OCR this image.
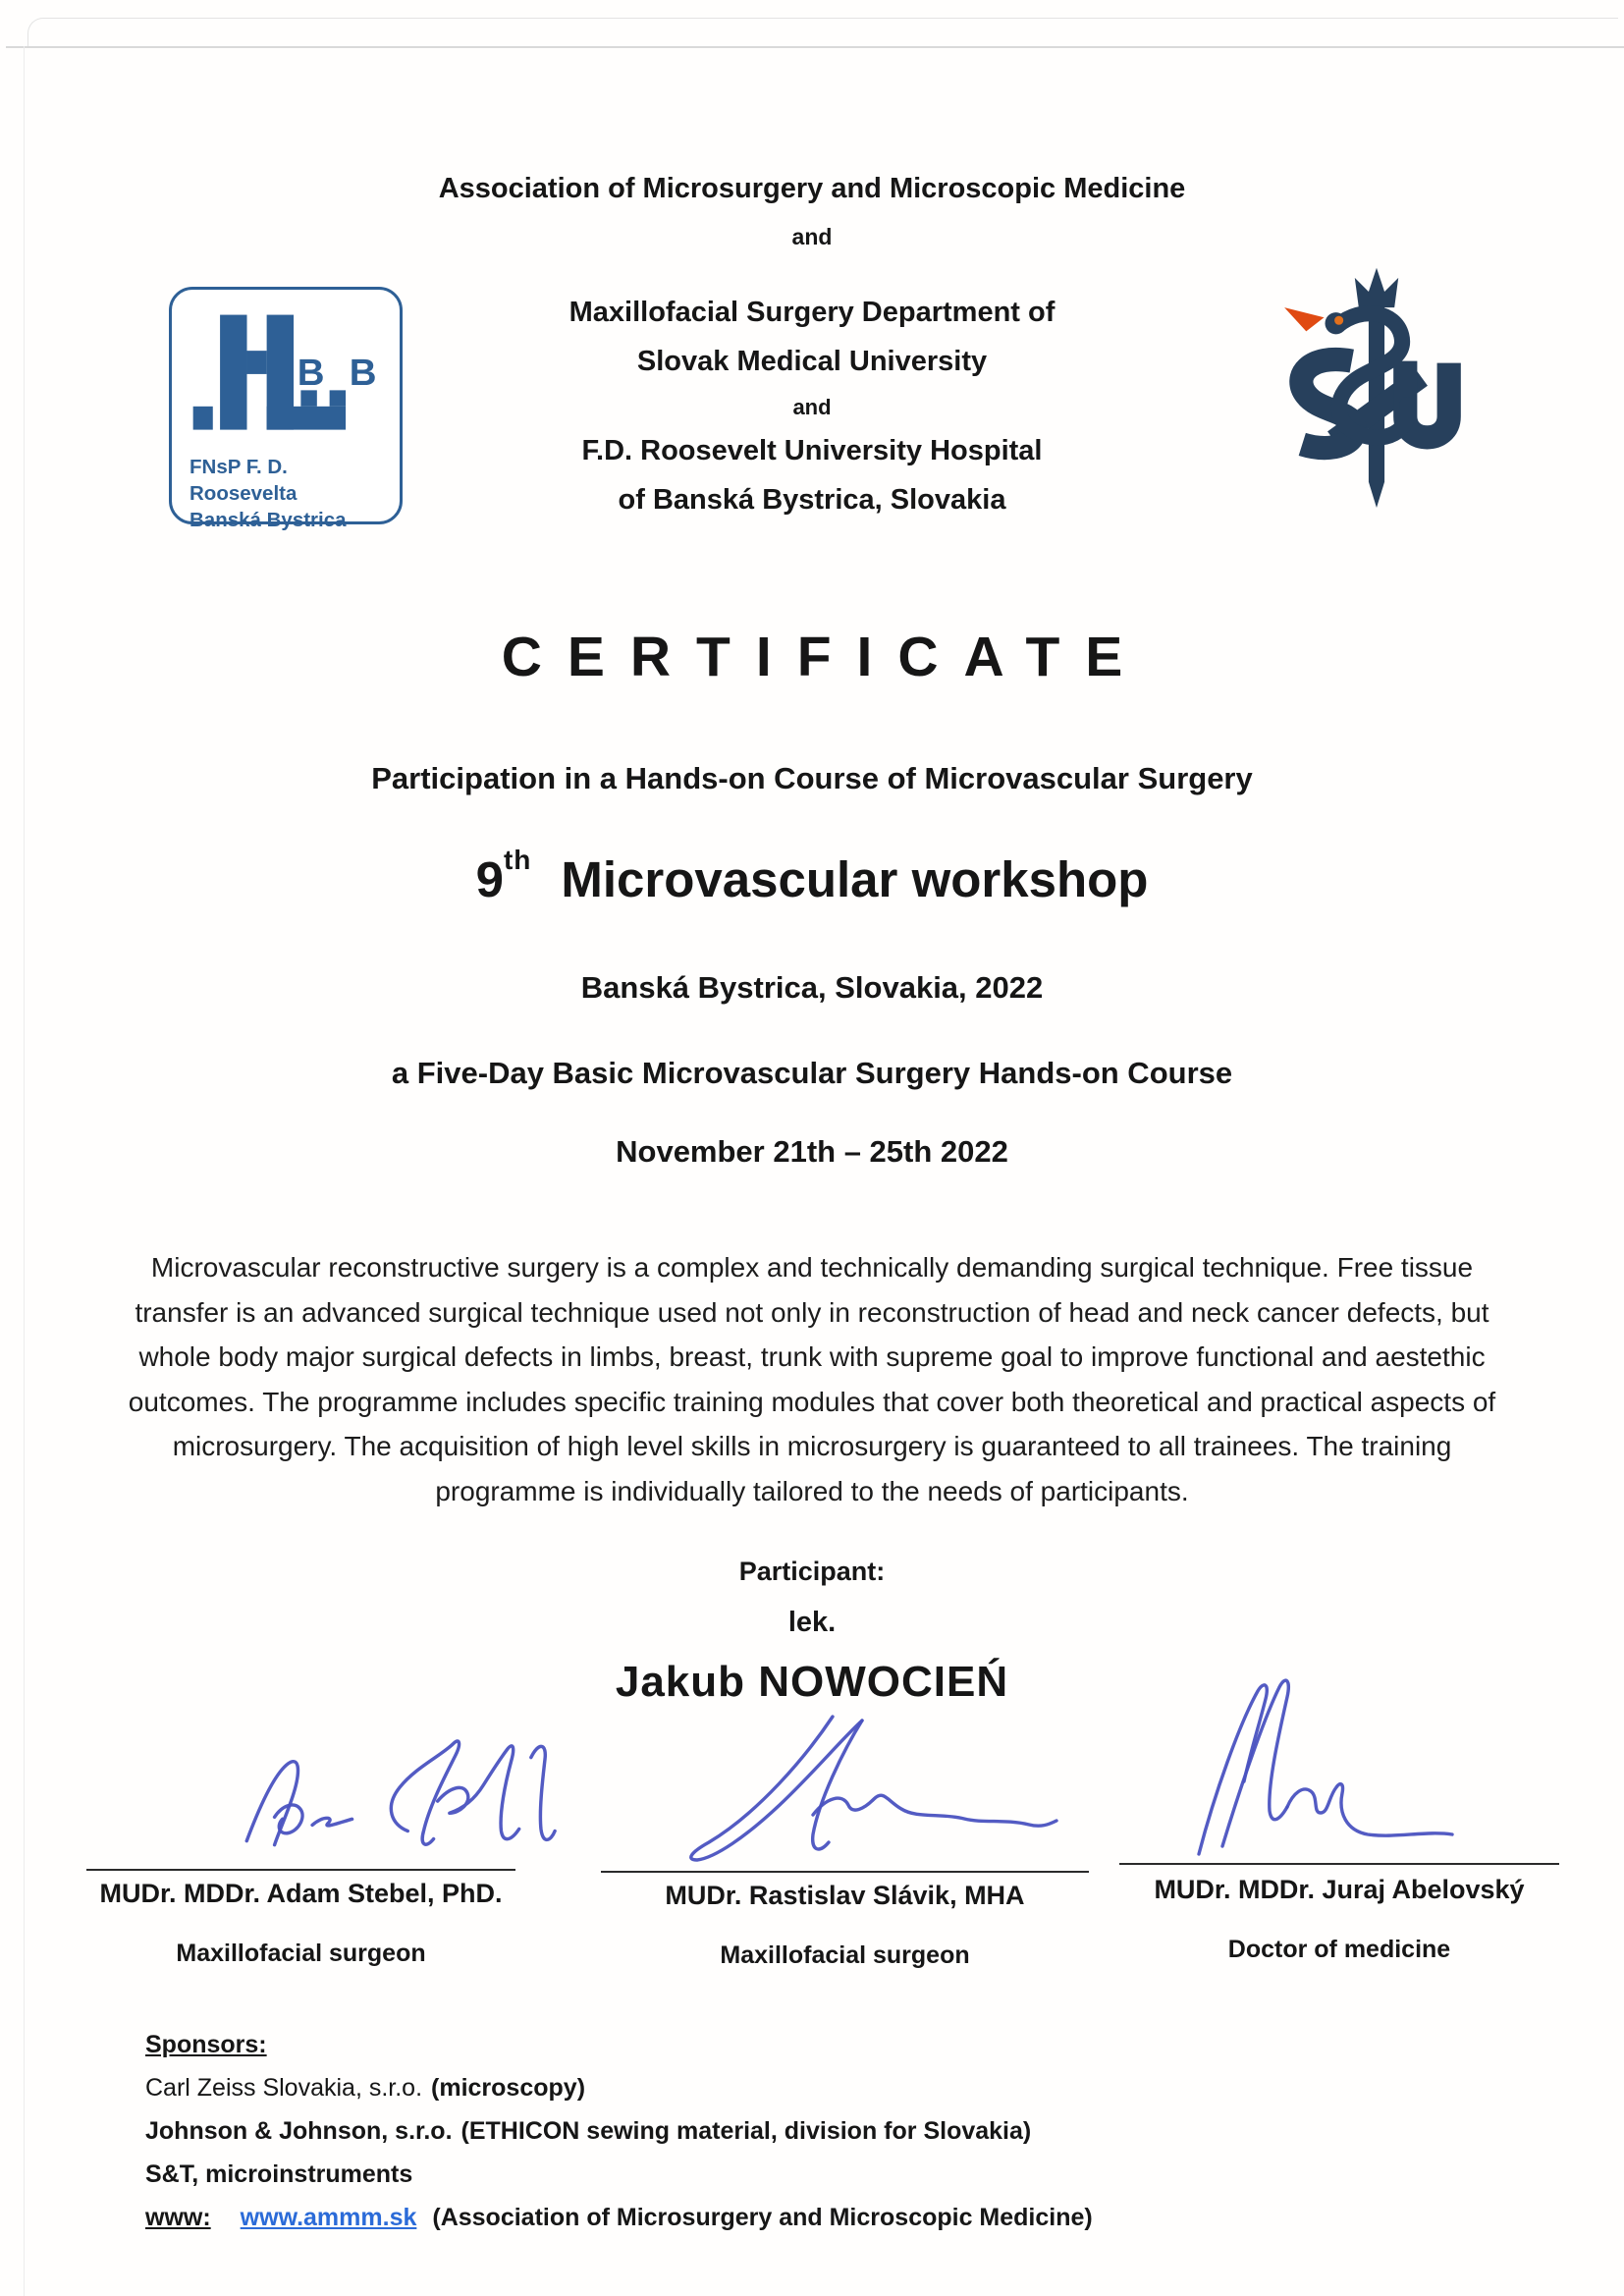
Association of Microsurgery and Microscopic Medicine
and
B B
FNsP F. D. Roosevelta
Banská Bystrica
Maxillofacial Surgery Department of
Slovak Medical University
and
F.D. Roosevelt University Hospital
of Banská Bystrica, Slovakia
CERTIFICATE
Participation in a Hands-on Course of Microvascular Surgery
9th Microvascular workshop
Banská Bystrica, Slovakia, 2022
a Five-Day Basic Microvascular Surgery Hands-on Course
November 21th – 25th 2022
Microvascular reconstructive surgery is a complex and technically demanding surgical technique. Free tissue transfer is an advanced surgical technique used not only in reconstruction of head and neck cancer defects, but whole body major surgical defects in limbs, breast, trunk with supreme goal to improve functional and aestethic outcomes. The programme includes specific training modules that cover both theoretical and practical aspects of microsurgery. The acquisition of high level skills in microsurgery is guaranteed to all trainees. The training programme is individually tailored to the needs of participants.
Participant:
lek.
Jakub NOWOCIEŃ
MUDr. MDDr. Adam Stebel, PhD.
Maxillofacial surgeon
MUDr. Rastislav Slávik, MHA
Maxillofacial surgeon
MUDr. MDDr. Juraj Abelovský
Doctor of medicine
Sponsors:
Carl Zeiss Slovakia, s.r.o. (microscopy)
Johnson & Johnson, s.r.o. (ETHICON sewing material, division for Slovakia)
S&T, microinstruments
www: www.ammm.sk (Association of Microsurgery and Microscopic Medicine)
